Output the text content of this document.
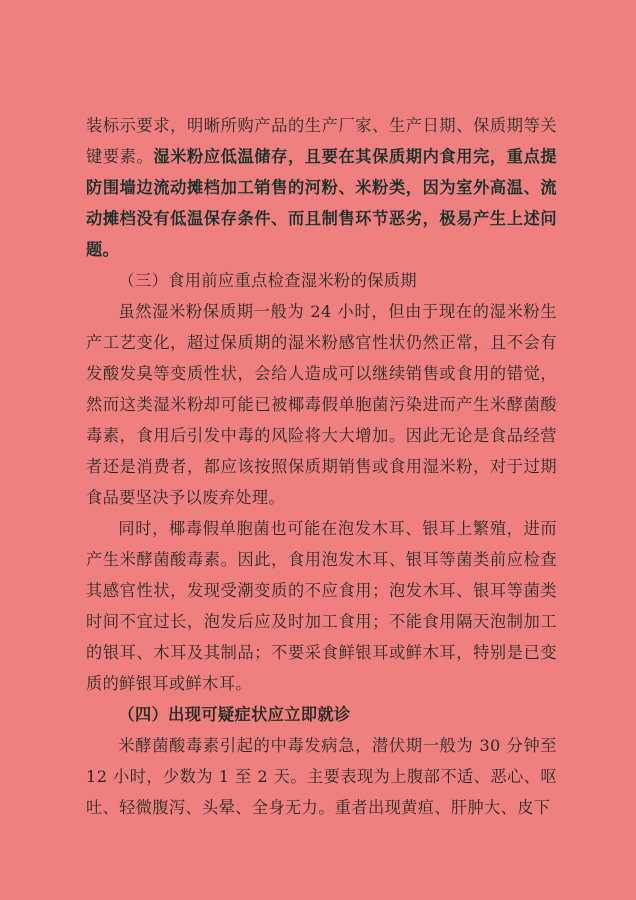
装标示要求，明晰所购产品的生产厂家、生产日期、保质期等关键要素。湿米粉应低温储存，且要在其保质期内食用完，重点提防围墙边流动摊档加工销售的河粉、米粉类，因为室外高温、流动摊档没有低温保存条件、而且制售环节恶劣，极易产生上述问题。

（三）食用前应重点检查湿米粉的保质期

虽然湿米粉保质期一般为 24 小时，但由于现在的湿米粉生产工艺变化，超过保质期的湿米粉感官性状仍然正常，且不会有发酸发臭等变质性状，会给人造成可以继续销售或食用的错觉，然而这类湿米粉却可能已被椰毒假单胞菌污染进而产生米酵菌酸毒素，食用后引发中毒的风险将大大增加。因此无论是食品经营者还是消费者，都应该按照保质期销售或食用湿米粉，对于过期食品要坚决予以废弃处理。

同时，椰毒假单胞菌也可能在泡发木耳、银耳上繁殖，进而产生米酵菌酸毒素。因此，食用泡发木耳、银耳等菌类前应检查其感官性状，发现受潮变质的不应食用；泡发木耳、银耳等菌类时间不宜过长，泡发后应及时加工食用；不能食用隔天泡制加工的银耳、木耳及其制品；不要采食鲜银耳或鲜木耳，特别是已变质的鲜银耳或鲜木耳。

（四）出现可疑症状应立即就诊

米酵菌酸毒素引起的中毒发病急，潜伏期一般为 30 分钟至 12 小时，少数为 1 至 2 天。主要表现为上腹部不适、恶心、呕吐、轻微腹泻、头晕、全身无力。重者出现黄疸、肝肿大、皮下
